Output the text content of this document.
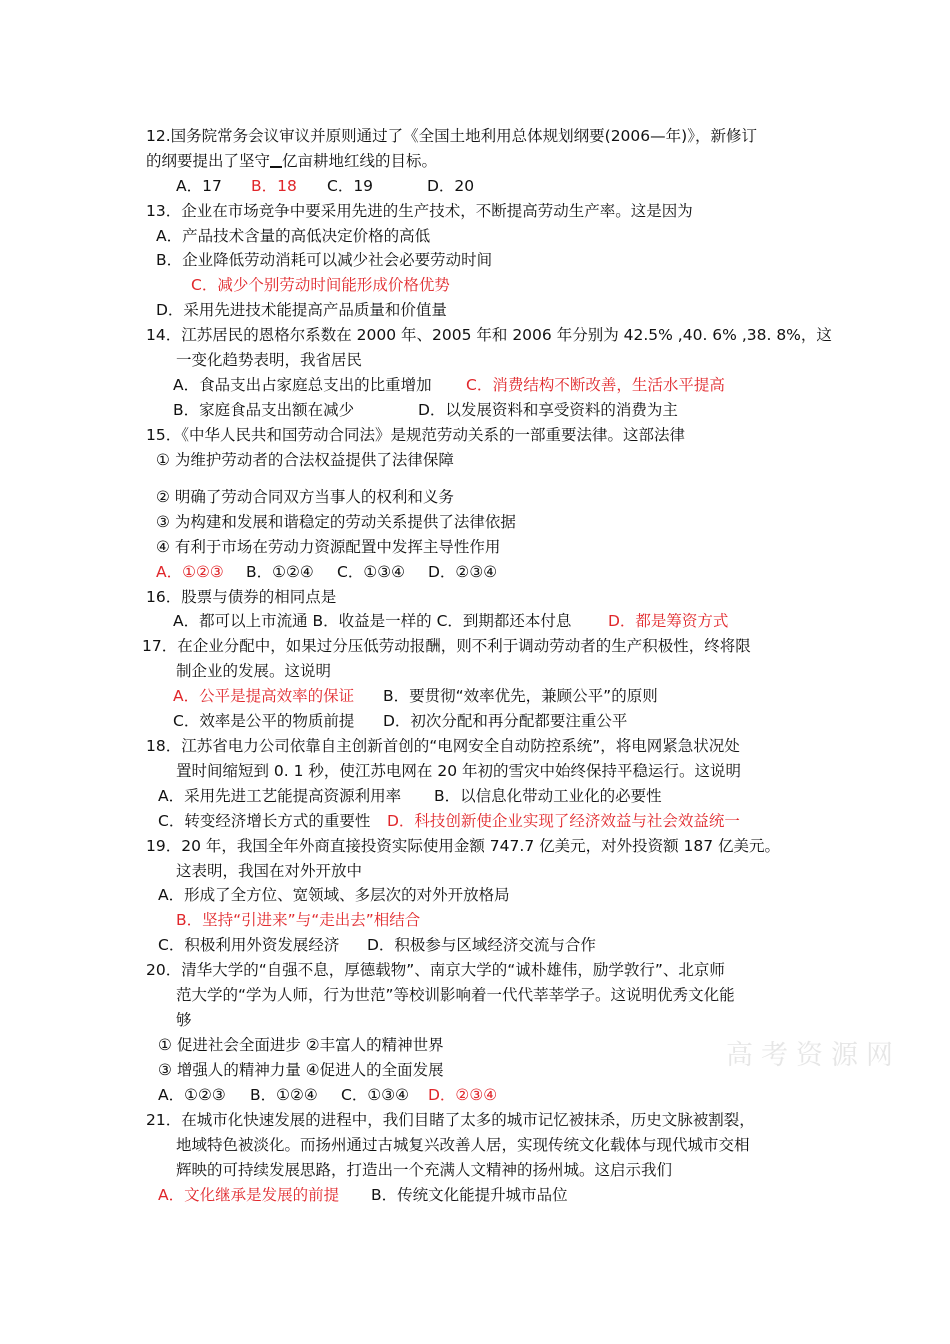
高考资源网
12.国务院常务会议审议并原则通过了《全国土地利用总体规划纲要(2006—年)》，新修订
的纲要提出了坚守 亿亩耕地红线的目标。
A．17 B．18 C．19	D．20
13．企业在市场竞争中要采用先进的生产技术，不断提高劳动生产率。这是因为
A．产品技术含量的高低决定价格的高低
B．企业降低劳动消耗可以减少社会必要劳动时间
C．减少个别劳动时间能形成价格优势
D．采用先进技术能提高产品质量和价值量
14．江苏居民的恩格尔系数在 2000 年、2005 年和 2006 年分别为 42.5% ,40. 6% ,38. 8%，这
一变化趋势表明，我省居民
A．食品支出占家庭总支出的比重增加 C．消费结构不断改善，生活水平提高
B．家庭食品支出额在减少	D．以发展资料和享受资料的消费为主
15．《中华人民共和国劳动合同法》是规范劳动关系的一部重要法律。这部法律
① 为维护劳动者的合法权益提供了法律保障
② 明确了劳动合同双方当事人的权利和义务
③ 为构建和发展和谐稳定的劳动关系提供了法律依据
④ 有利于市场在劳动力资源配置中发挥主导性作用
A．①②③ B．①②④ C．①③④ D．②③④
16．股票与债券的相同点是
A．都可以上市流通 B．收益是一样的 C．到期都还本付息 D．都是筹资方式
17．在企业分配中，如果过分压低劳动报酬，则不利于调动劳动者的生产积极性，终将限
制企业的发展。这说明
A．公平是提高效率的保证 B．要贯彻“效率优先，兼顾公平”的原则
C．效率是公平的物质前提 D．初次分配和再分配都要注重公平
18．江苏省电力公司依靠自主创新首创的“电网安全自动防控系统”，将电网紧急状况处
置时间缩短到 0. 1 秒，使江苏电网在 20 年初的雪灾中始终保持平稳运行。这说明
A．采用先进工艺能提高资源利用率 B．以信息化带动工业化的必要性
C．转变经济增长方式的重要性 D．科技创新使企业实现了经济效益与社会效益统一
19．20 年，我国全年外商直接投资实际使用金额 747.7 亿美元，对外投资额 187 亿美元。
这表明，我国在对外开放中
A．形成了全方位、宽领域、多层次的对外开放格局
B．坚持“引进来”与“走出去”相结合
C．积极利用外资发展经济 D．积极参与区域经济交流与合作
20．清华大学的“自强不息，厚德载物”、南京大学的“诚朴雄伟，励学敦行”、北京师
范大学的“学为人师，行为世范”等校训影响着一代代莘莘学子。这说明优秀文化能
够
① 促进社会全面进步 ②丰富人的精神世界
③ 增强人的精神力量 ④促进人的全面发展
A．①②③ B．①②④ C．①③④ D．②③④
21．在城市化快速发展的进程中，我们目睹了太多的城市记忆被抹杀，历史文脉被割裂，
地域特色被淡化。而扬州通过古城复兴改善人居，实现传统文化载体与现代城市交相
辉映的可持续发展思路，打造出一个充满人文精神的扬州城。这启示我们
A．文化继承是发展的前提 B．传统文化能提升城市品位
